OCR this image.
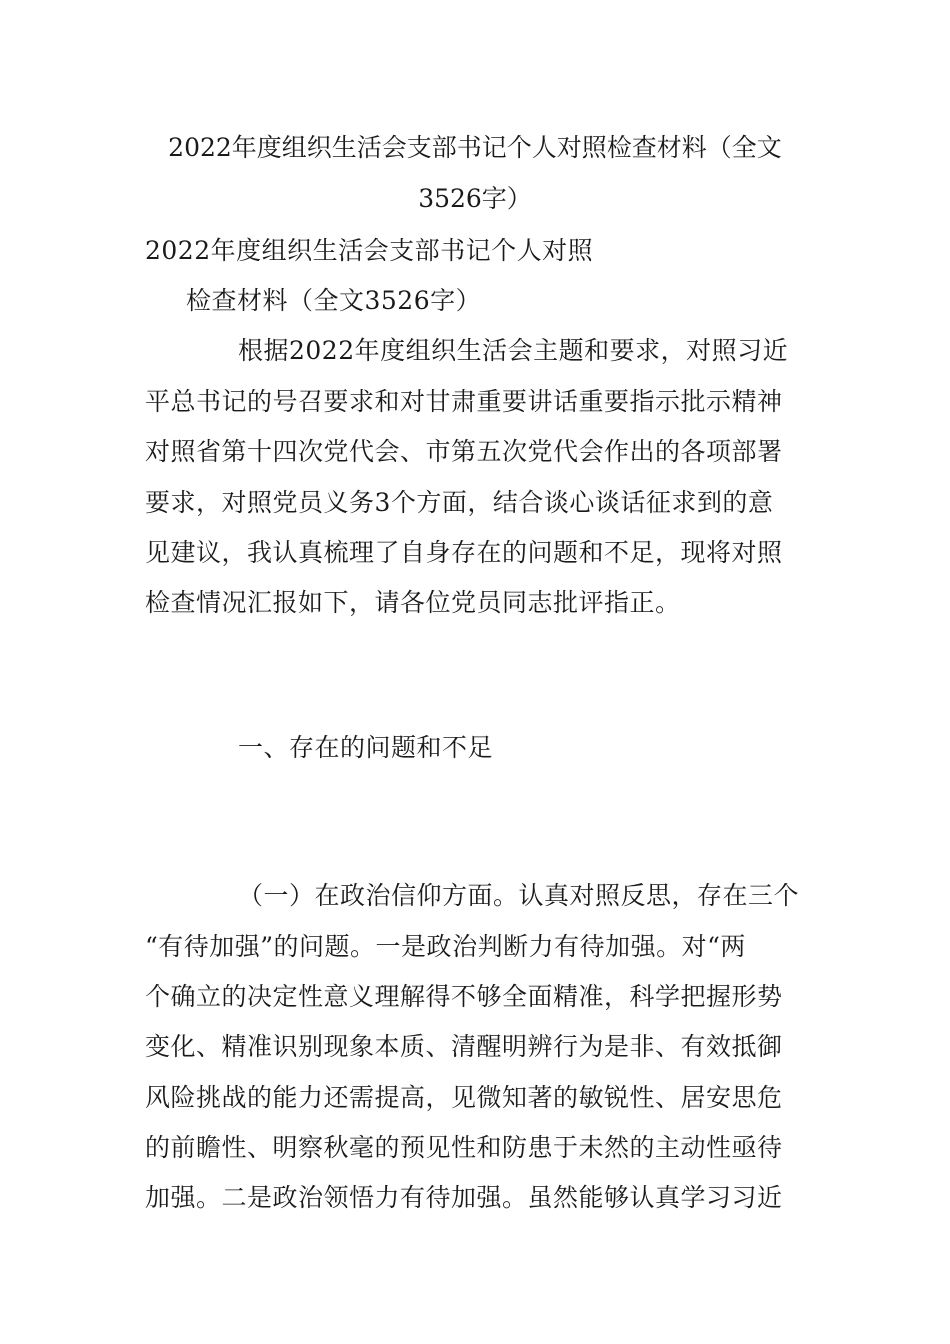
2022年度组织生活会支部书记个人对照检查材料（全文
3526字）
2022年度组织生活会支部书记个人对照
检查材料（全文3526字）
根据2022年度组织生活会主题和要求，对照习近
平总书记的号召要求和对甘肃重要讲话重要指示批示精神
对照省第十四次党代会、市第五次党代会作出的各项部署
要求，对照党员义务3个方面，结合谈心谈话征求到的意
见建议，我认真梳理了自身存在的问题和不足，现将对照
检查情况汇报如下，请各位党员同志批评指正。
一、存在的问题和不足
（一）在政治信仰方面。认真对照反思，存在三个
“有待加强”的问题。一是政治判断力有待加强。对“两
个确立的决定性意义理解得不够全面精准，科学把握形势
变化、精准识别现象本质、清醒明辨行为是非、有效抵御
风险挑战的能力还需提高，见微知著的敏锐性、居安思危
的前瞻性、明察秋毫的预见性和防患于未然的主动性亟待
加强。二是政治领悟力有待加强。虽然能够认真学习习近
